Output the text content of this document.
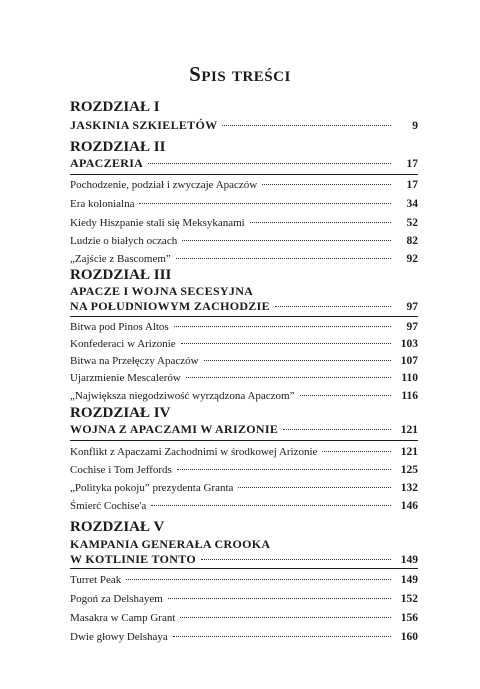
Spis treści
ROZDZIAŁ I
JASKINIA SZKIELETÓW	9
ROZDZIAŁ II
APACZERIA	17
Pochodzenie, podział i zwyczaje Apaczów	17
Era kolonialna	34
Kiedy Hiszpanie stali się Meksykanami	52
Ludzie o białych oczach	82
„Zajście z Bascomem”	92
ROZDZIAŁ III
APACZE I WOJNA SECESYJNA
NA POŁUDNIOWYM ZACHODZIE	97
Bitwa pod Pinos Altos	97
Konfederaci w Arizonie	103
Bitwa na Przełęczy Apaczów	107
Ujarzmienie Mescalerów	110
„Największa niegodziwość wyrządzona Apaczom”	116
ROZDZIAŁ IV
WOJNA Z APACZAMI W ARIZONIE	121
Konflikt z Apaczami Zachodnimi w środkowej Arizonie	121
Cochise i Tom Jeffords	125
„Polityka pokoju” prezydenta Granta	132
Śmierć Cochise'a	146
ROZDZIAŁ V
KAMPANIA GENERAŁA CROOKA
W KOTLINIE TONTO	149
Turret Peak	149
Pogoń za Delshayem	152
Masakra w Camp Grant	156
Dwie głowy Delshaya	160
